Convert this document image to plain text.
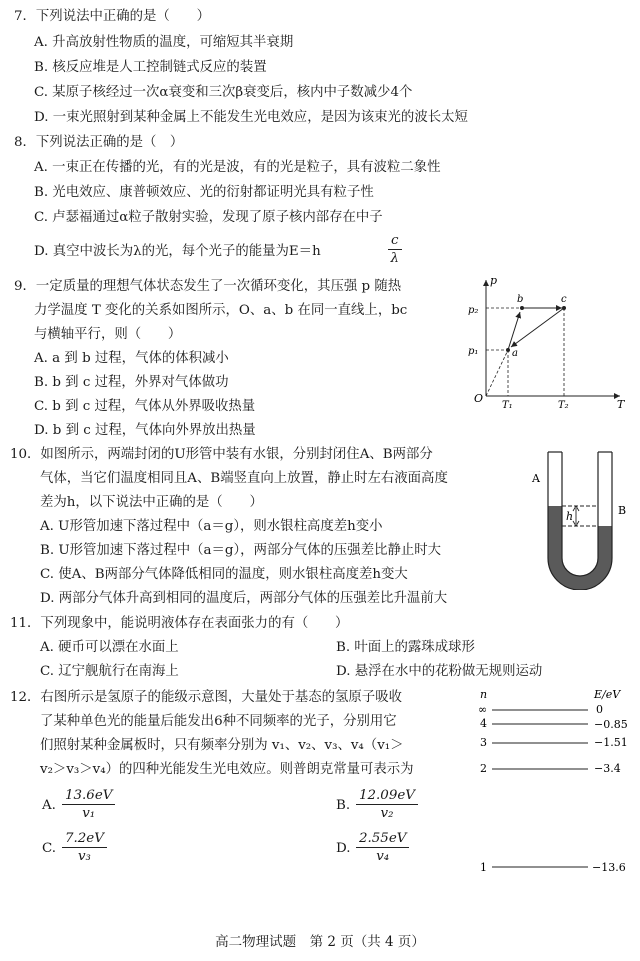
7．下列说法中正确的是（　　）
A. 升高放射性物质的温度，可缩短其半衰期
B. 核反应堆是人工控制链式反应的装置
C. 某原子核经过一次α衰变和三次β衰变后，核内中子数减少4个
D. 一束光照射到某种金属上不能发生光电效应，是因为该束光的波长太短
8．下列说法正确的是（　）
A. 一束正在传播的光，有的光是波，有的光是粒子，具有波粒二象性
B. 光电效应、康普顿效应、光的衍射都证明光具有粒子性
C. 卢瑟福通过α粒子散射实验，发现了原子核内部存在中子
D. 真空中波长为λ的光，每个光子的能量为E＝h	$\frac{c}{\lambda}$
9．一定质量的理想气体状态发生了一次循环变化，其压强 p 随热
力学温度 T 变化的关系如图所示，O、a、b 在同一直线上，bc
与横轴平行，则（　　）
A. a 到 b 过程，气体的体积减小
B. b 到 c 过程，外界对气体做功
C. b 到 c 过程，气体从外界吸收热量
D. b 到 c 过程，气体向外界放出热量
p
T
O
p₂
p₁
T₁	T₂
a
b	c
10．如图所示，两端封闭的U形管中装有水银，分别封闭住A、B两部分
气体，当它们温度相同且A、B端竖直向上放置，静止时左右液面高度
差为h，以下说法中正确的是（　　）
A. U形管加速下落过程中（a＝g），则水银柱高度差h变小
B. U形管加速下落过程中（a＝g），两部分气体的压强差比静止时大
C. 使A、B两部分气体降低相同的温度，则水银柱高度差h变大
D. 两部分气体升高到相同的温度后，两部分气体的压强差比升温前大
h
A
B
11．下列现象中，能说明液体存在表面张力的有（　　）
A. 硬币可以漂在水面上	B. 叶面上的露珠成球形
C. 辽宁舰航行在南海上	D. 悬浮在水中的花粉做无规则运动
12．右图所示是氢原子的能级示意图，大量处于基态的氢原子吸收
了某种单色光的能量后能发出6种不同频率的光子，分别用它
们照射某种金属板时，只有频率分别为 v₁、v₂、v₃、v₄（v₁＞
v₂＞v₃＞v₄）的四种光能发生光电效应。则普朗克常量可表示为
A. $\frac{13.6eV}{\text{v₁}}$	B. $\frac{12.09eV}{\text{v₂}}$
C. $\frac{7.2eV}{\text{v₃}}$	D. $\frac{2.55eV}{\text{v₄}}$
n	E/eV
∞	0
4	−0.85
3	−1.51
2	−3.4
1	−13.6
高二物理试题　第 2 页（共 4 页）
